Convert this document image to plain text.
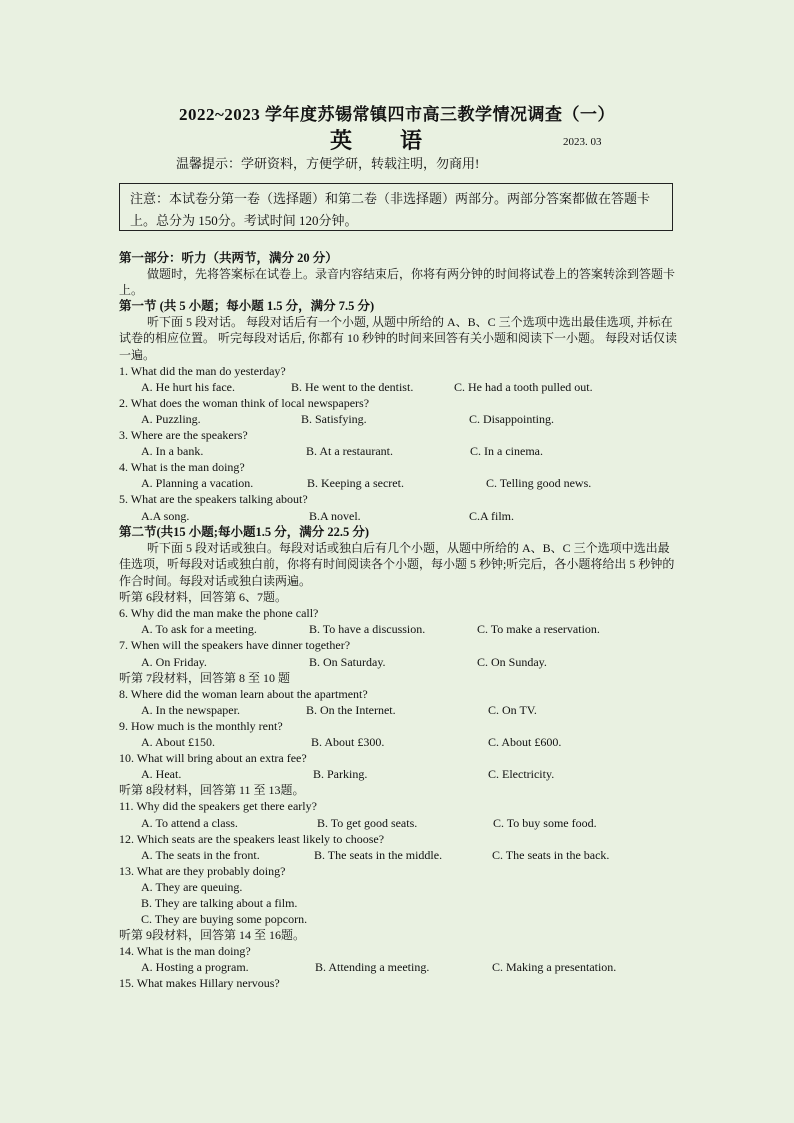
2022~2023 学年度苏锡常镇四市高三教学情况调查（一）
英语	2023. 03
温馨提示：学研资料，方便学研，转载注明，勿商用!
注意：本试卷分第一卷（选择题）和第二卷（非选择题）两部分。两部分答案都做在答题卡上。总分为 150分。考试时间 120分钟。

第一部分：听力（共两节，满分 20 分）

做题时，先将答案标在试卷上。录音内容结束后，你将有两分钟的时间将试卷上的答案转涂到答题卡上。

第一节 (共 5 小题；每小题 1.5 分，满分 7.5 分)

听下面 5 段对话。 每段对话后有一个小题, 从题中所给的 A、B、C 三个选项中选出最佳选项, 并标在试卷的相应位置。 听完每段对话后, 你都有 10 秒钟的时间来回答有关小题和阅读下一小题。 每段对话仅读一遍。

1. What did the man do yesterday?

A. He hurt his face.	B. He went to the dentist.	C. He had a tooth pulled out.

2. What does the woman think of local newspapers?

A. Puzzling.	B. Satisfying.	C. Disappointing.

3. Where are the speakers?

A. In a bank.	B. At a restaurant.	C. In a cinema.

4. What is the man doing?

A. Planning a vacation.	B. Keeping a secret.	C. Telling good news.

5. What are the speakers talking about?

A.A song.	B.A novel.	C.A film.

第二节(共15 小题;每小题1.5 分，满分 22.5 分)

听下面 5 段对话或独白。每段对话或独白后有几个小题，从题中所给的 A、B、C 三个选项中选出最佳选项，听每段对话或独白前，你将有时间阅读各个小题，每小题 5 秒钟;听完后，各小题将给出 5 秒钟的作合时间。每段对话或独白读两遍。

听第 6段材料，回答第 6、7题。

6. Why did the man make the phone call?

A. To ask for a meeting.	B. To have a discussion.	C. To make a reservation.

7. When will the speakers have dinner together?

A. On Friday.	B. On Saturday.	C. On Sunday.

听第 7段材料，回答第 8 至 10 题

8. Where did the woman learn about the apartment?

A. In the newspaper.	B. On the Internet.	C. On TV.

9. How much is the monthly rent?

A. About £150.	B. About £300.	C. About £600.

10. What will bring about an extra fee?

A. Heat.	B. Parking.	C. Electricity.

听第 8段材料，回答第 11 至 13题。

11. Why did the speakers get there early?

A. To attend a class.	B. To get good seats.	C. To buy some food.

12. Which seats are the speakers least likely to choose?

A. The seats in the front.	B. The seats in the middle.	C. The seats in the back.

13. What are they probably doing?

A. They are queuing.

B. They are talking about a film.

C. They are buying some popcorn.

听第 9段材料，回答第 14 至 16题。

14. What is the man doing?

A. Hosting a program.	B. Attending a meeting.	C. Making a presentation.

15. What makes Hillary nervous?
